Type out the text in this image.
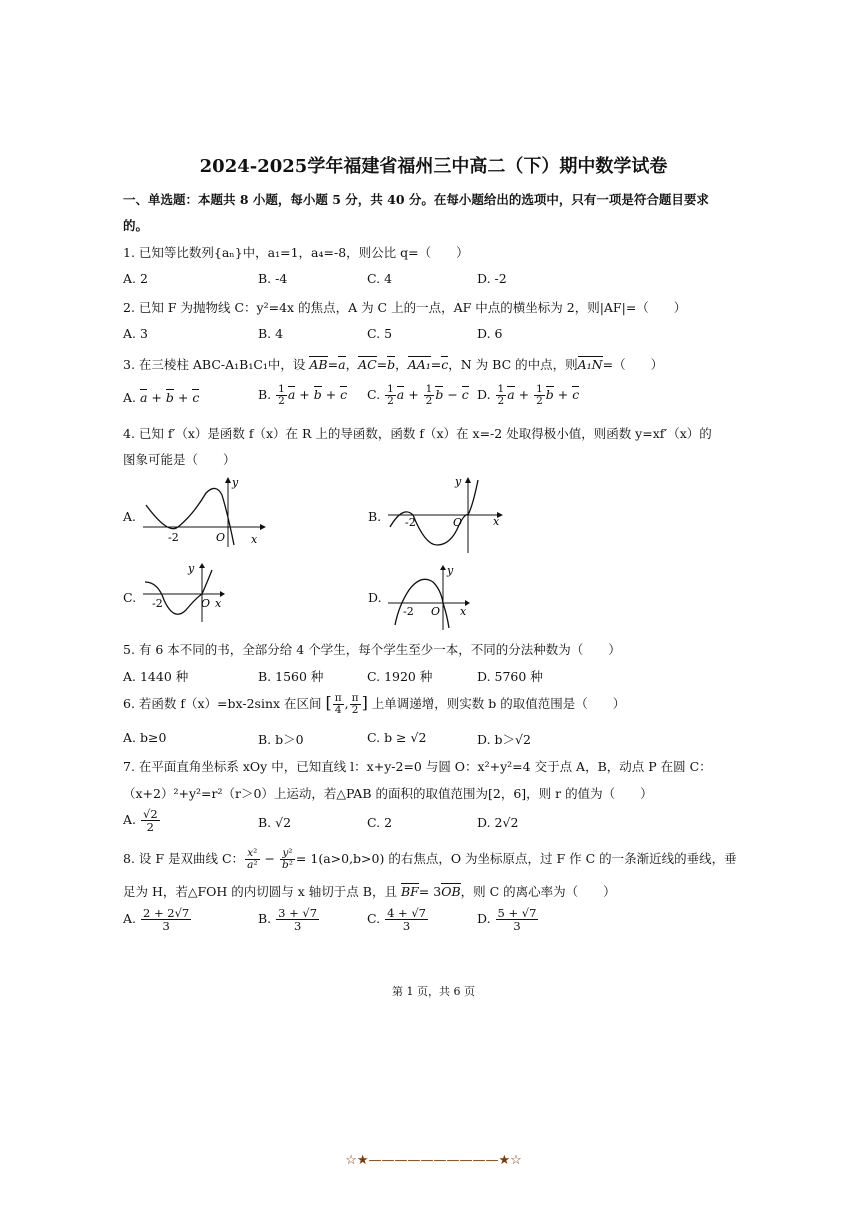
2024-2025学年福建省福州三中高二（下）期中数学试卷
一、单选题：本题共 8 小题，每小题 5 分，共 40 分。在每小题给出的选项中，只有一项是符合题目要求
的。
1. 已知等比数列{aₙ}中，a₁=1，a₄=-8，则公比 q=（　　）
A. 2	B. -4	C. 4	D. -2
2. 已知 F 为抛物线 C：y²=4x 的焦点，A 为 C 上的一点，AF 中点的横坐标为 2，则|AF|=（　　）
A. 3	B. 4	C. 5	D. 6
3. 在三棱柱 ABC-A₁B₁C₁中，设 AB=a，AC=b，AA₁=c，N 为 BC 的中点，则A₁N=（　　）
A. a + b + c	B. $\frac{1}{2}$ a + b + c C. $\frac{1}{2}$ $a + \frac{1}{2}$ b − c D. $\frac{1}{2}$ $a + \frac{1}{2}$ b + c
4. 已知 f′（x）是函数 f（x）在 R 上的导函数，函数 f（x）在 x=-2 处取得极小值，则函数 y=xf′（x）的
图象可能是（　　）
A.
y
x
O
-2
B.
y
x
O
-2
C.
y
x
O
-2	D.
y
x
O
-2
5. 有 6 本不同的书，全部分给 4 个学生，每个学生至少一本，不同的分法种数为（　　）
A. 1440 种	B. 1560 种	C. 1920 种	D. 5760 种
6. 若函数 f（x）=bx-2sinx 在区间 [ $\frac{\pi}{4}$ , $\frac{\pi}{2}$ ] 上单调递增，则实数 b 的取值范围是（　　）
A. b≥0	B. b＞0	C. b ≥ √2	D. b＞√2
7. 在平面直角坐标系 xOy 中，已知直线 l：x+y-2=0 与圆 O：x²+y²=4 交于点 A，B，动点 P 在圆 C：
（x+2）²+y²=r²（r＞0）上运动，若△PAB 的面积的取值范围为[2，6]，则 r 的值为（　　）
A. $\frac{√2}{2}$	B. √2	C. 2	D. 2√2
8. 设 F 是双曲线 C： $\frac{\text{x²}}{\text{a²}} - \frac{\text{y²}}{\text{b²}} = 1(a>0,b>0)$ 的右焦点，O 为坐标原点，过 F 作 C 的一条渐近线的垂线，垂
足为 H，若△FOH 的内切圆与 x 轴切于点 B，且 BF= 3OB，则 C 的离心率为（　　）
A. $\frac{2 + 2√7}{3}$	B. $\frac{3 + √7}{3}$	C. $\frac{4 + √7}{3}$	D. $\frac{5 + √7}{3}$
第 1 页，共 6 页
☆★——————————★☆
